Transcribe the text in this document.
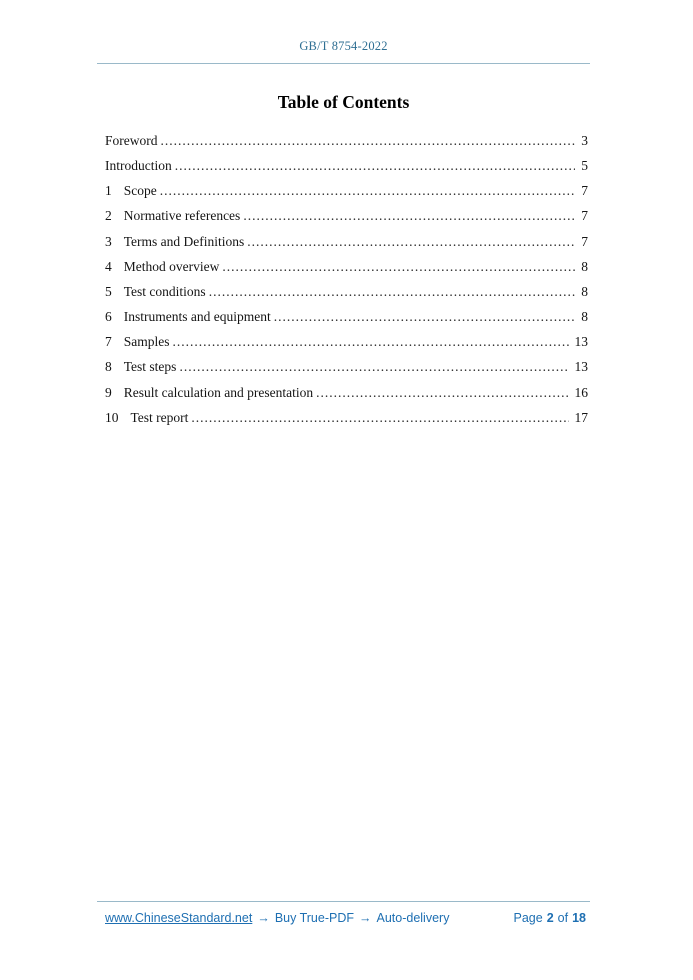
GB/T 8754-2022
Table of Contents
Foreword .....	3
Introduction .....	5
1 Scope .....	7
2 Normative references .....	7
3 Terms and Definitions .....	7
4 Method overview .....	8
5 Test conditions .....	8
6 Instruments and equipment .....	8
7 Samples .....	13
8 Test steps .....	13
9 Result calculation and presentation .....	16
10 Test report .....	17
www.ChineseStandard.net → Buy True-PDF → Auto-delivery	Page 2 of 18
